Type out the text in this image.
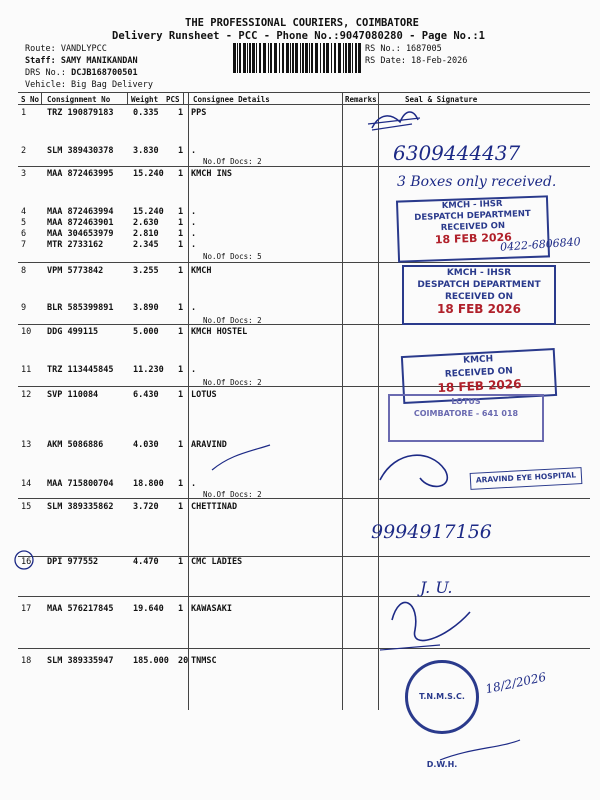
THE PROFESSIONAL COURIERS, COIMBATORE
Delivery Runsheet - PCC - Phone No.:9047080280 - Page No.:1
Route: VANDLYPCC
Staff: SAMY MANIKANDAN
DRS No.: DCJB168700501
Vehicle: Big Bag Delivery
RS No.: 1687005
RS Date: 18-Feb-2026
S No Consignment No	Weight PCS Consignee Details	Remarks	Seal & Signature
1 TRZ 190879183 0.335 1 PPS
2 SLM 389430378 3.830 1 .
No.Of Docs: 2
3 MAA 872463995 15.240 1 KMCH INS
4 MAA 872463994 15.240 1 .
5 MAA 872463901 2.630 1 .
6 MAA 304653979 2.810 1 .
7 MTR 2733162	2.345 1 .
No.Of Docs: 5
8 VPM 5773842	3.255 1 KMCH
9 BLR 585399891 3.890 1 .
No.Of Docs: 2
10 DDG 499115	5.000 1 KMCH HOSTEL
11 TRZ 113445845 11.230 1 .
No.Of Docs: 2
12 SVP 110084	6.430 1 LOTUS
13 AKM 5086886	4.030 1 ARAVIND
14 MAA 715800704 18.800 1 .
No.Of Docs: 2
15 SLM 389335862 3.720 1 CHETTINAD
16 DPI 977552	4.470 1 CMC LADIES
17 MAA 576217845 19.640 1 KAWASAKI
18 SLM 389335947 185.000 20 TNMSC
6309444437
3 Boxes only received.
0422-6806840
9994917156
J. U.
18/2/2026
KMCH - IHSR
DESPATCH DEPARTMENT
RECEIVED ON
18 FEB 2026
KMCH - IHSR
DESPATCH DEPARTMENT
RECEIVED ON
18 FEB 2026
KMCH
RECEIVED ON
18 FEB 2026
LOTUS
COIMBATORE - 641 018
ARAVIND EYE HOSPITAL
T.N.M.S.C. D.W.H.
